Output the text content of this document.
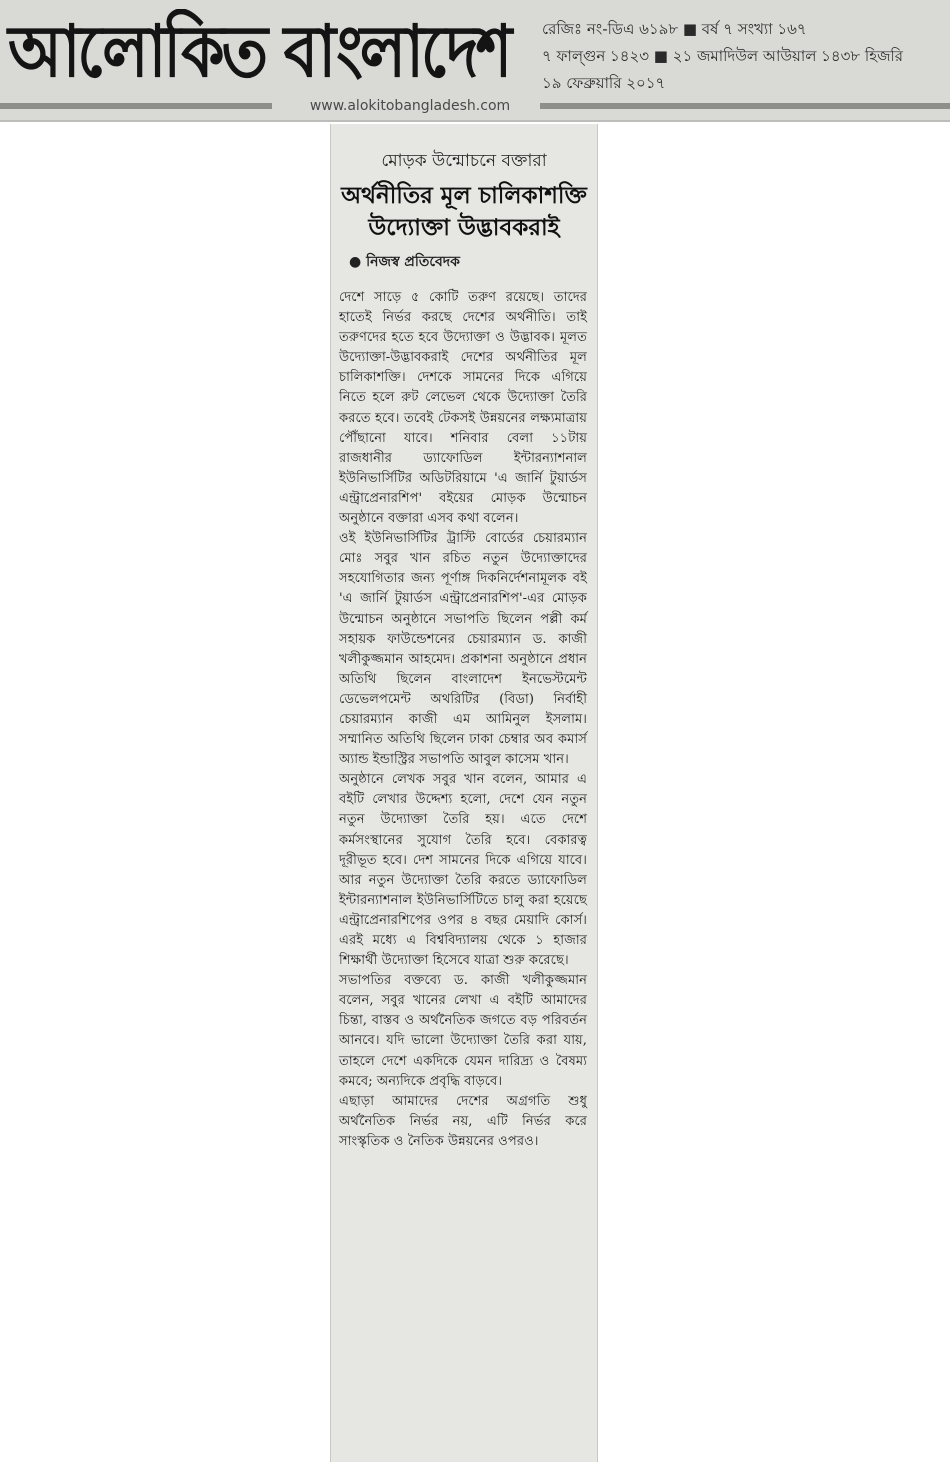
আলোকিত বাংলাদেশ	রেজিঃ নং-ডিএ ৬১৯৮ ■ বর্ষ ৭ সংখ্যা ১৬৭
৭ ফাল্গুন ১৪২৩ ■ ২১ জমাদিউল আউয়াল ১৪৩৮ হিজরি
১৯ ফেব্রুয়ারি ২০১৭
www.alokitobangladesh.com
মোড়ক উন্মোচনে বক্তারা
অর্থনীতির মূল চালিকাশক্তি উদ্যোক্তা উদ্ভাবকরাই
● নিজস্ব প্রতিবেদক

দেশে সাড়ে ৫ কোটি তরুণ রয়েছে। তাদের হাতেই নির্ভর করছে দেশের অর্থনীতি। তাই তরুণদের হতে হবে উদ্যোক্তা ও উদ্ভাবক। মূলত উদ্যোক্তা-উদ্ভাবকরাই দেশের অর্থনীতির মূল চালিকাশক্তি। দেশকে সামনের দিকে এগিয়ে নিতে হলে রুট লেভেল থেকে উদ্যোক্তা তৈরি করতে হবে। তবেই টেকসই উন্নয়নের লক্ষ্যমাত্রায় পৌঁছানো যাবে। শনিবার বেলা ১১টায় রাজধানীর ড্যাফোডিল ইন্টারন্যাশনাল ইউনিভার্সিটির অডিটরিয়ামে 'এ জার্নি টুয়ার্ডস এন্ট্রাপ্রেনারশিপ' বইয়ের মোড়ক উন্মোচন অনুষ্ঠানে বক্তারা এসব কথা বলেন।

ওই ইউনিভার্সিটির ট্রাস্টি বোর্ডের চেয়ারম্যান মোঃ সবুর খান রচিত নতুন উদ্যোক্তাদের সহযোগিতার জন্য পূর্ণাঙ্গ দিকনির্দেশনামূলক বই 'এ জার্নি টুয়ার্ডস এন্ট্রাপ্রেনারশিপ'-এর মোড়ক উন্মোচন অনুষ্ঠানে সভাপতি ছিলেন পল্লী কর্ম সহায়ক ফাউন্ডেশনের চেয়ারম্যান ড. কাজী খলীকুজ্জমান আহমেদ। প্রকাশনা অনুষ্ঠানে প্রধান অতিথি ছিলেন বাংলাদেশ ইনভেস্টমেন্ট ডেভেলপমেন্ট অথরিটির (বিডা) নির্বাহী চেয়ারম্যান কাজী এম আমিনুল ইসলাম। সম্মানিত অতিথি ছিলেন ঢাকা চেম্বার অব কমার্স অ্যান্ড ইন্ডাস্ট্রির সভাপতি আবুল কাসেম খান।

অনুষ্ঠানে লেখক সবুর খান বলেন, আমার এ বইটি লেখার উদ্দেশ্য হলো, দেশে যেন নতুন নতুন উদ্যোক্তা তৈরি হয়। এতে দেশে কর্মসংস্থানের সুযোগ তৈরি হবে। বেকারত্ব দূরীভূত হবে। দেশ সামনের দিকে এগিয়ে যাবে। আর নতুন উদ্যোক্তা তৈরি করতে ড্যাফোডিল ইন্টারন্যাশনাল ইউনিভার্সিটিতে চালু করা হয়েছে এন্ট্রাপ্রেনারশিপের ওপর ৪ বছর মেয়াদি কোর্স। এরই মধ্যে এ বিশ্ববিদ্যালয় থেকে ১ হাজার শিক্ষার্থী উদ্যোক্তা হিসেবে যাত্রা শুরু করেছে।

সভাপতির বক্তব্যে ড. কাজী খলীকুজ্জমান বলেন, সবুর খানের লেখা এ বইটি আমাদের চিন্তা, বাস্তব ও অর্থনৈতিক জগতে বড় পরিবর্তন আনবে। যদি ভালো উদ্যোক্তা তৈরি করা যায়, তাহলে দেশে একদিকে যেমন দারিদ্র্য ও বৈষম্য কমবে; অন্যদিকে প্রবৃদ্ধি বাড়বে।

এছাড়া আমাদের দেশের অগ্রগতি শুধু অর্থনৈতিক নির্ভর নয়, এটি নির্ভর করে সাংস্কৃতিক ও নৈতিক উন্নয়নের ওপরও।
